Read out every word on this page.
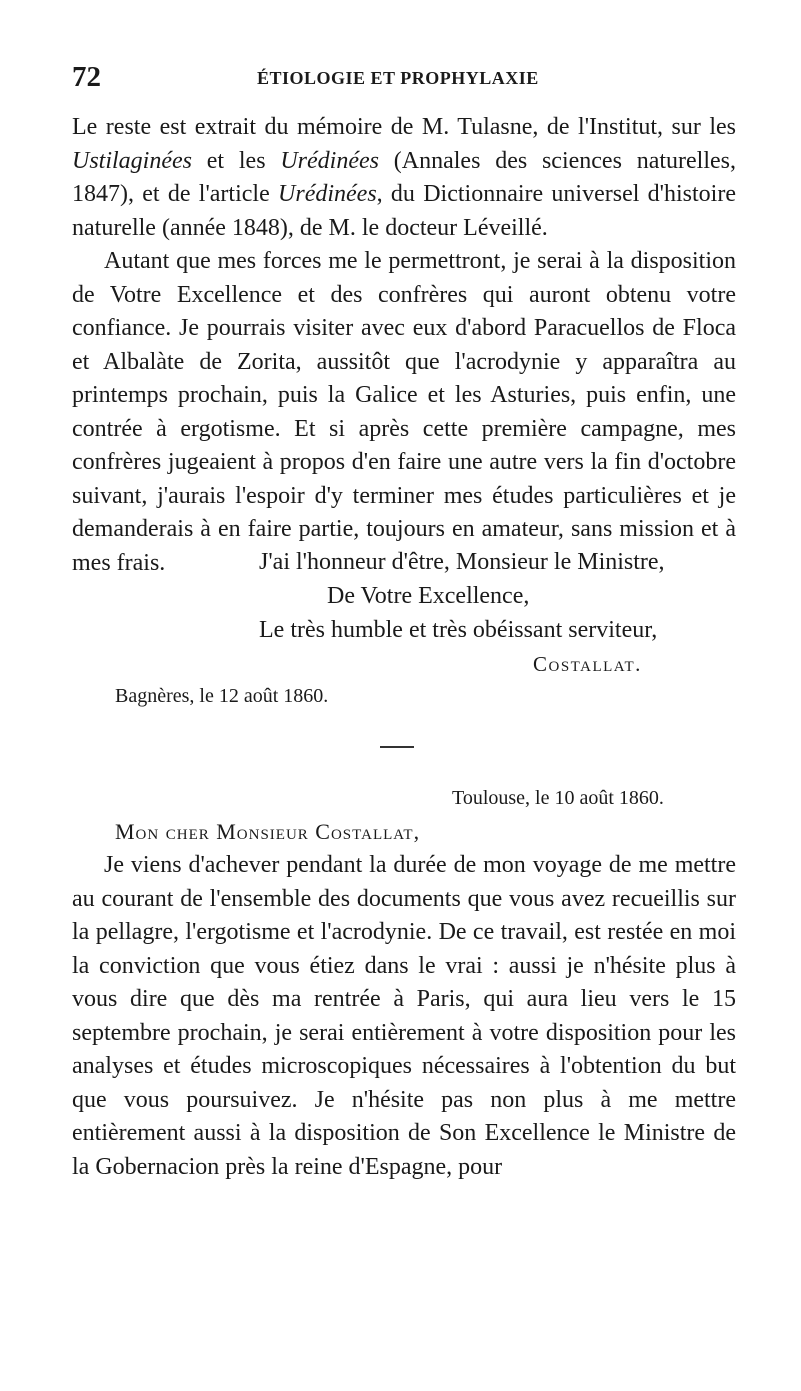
72	ÉTIOLOGIE ET PROPHYLAXIE

Le reste est extrait du mémoire de M. Tulasne, de l'Institut, sur les Ustilaginées et les Urédinées (Annales des sciences naturelles, 1847), et de l'article Urédinées, du Dictionnaire universel d'histoire naturelle (année 1848), de M. le docteur Léveillé.

Autant que mes forces me le permettront, je serai à la disposition de Votre Excellence et des confrères qui auront obtenu votre confiance. Je pourrais visiter avec eux d'abord Paracuellos de Floca et Albalàte de Zorita, aussitôt que l'acrodynie y apparaîtra au printemps prochain, puis la Galice et les Asturies, puis enfin, une contrée à ergotisme. Et si après cette première campagne, mes confrères jugeaient à propos d'en faire une autre vers la fin d'octobre suivant, j'aurais l'espoir d'y terminer mes études particulières et je demanderais à en faire partie, toujours en amateur, sans mission et à mes frais.	J'ai l'honneur d'être, Monsieur le Ministre,
De Votre Excellence,
Le très humble et très obéissant serviteur,
Costallat.
Bagnères, le 12 août 1860.
Toulouse, le 10 août 1860.
Mon cher Monsieur Costallat,

Je viens d'achever pendant la durée de mon voyage de me mettre au courant de l'ensemble des documents que vous avez recueillis sur la pellagre, l'ergotisme et l'acrodynie. De ce travail, est restée en moi la conviction que vous étiez dans le vrai : aussi je n'hésite plus à vous dire que dès ma rentrée à Paris, qui aura lieu vers le 15 septembre prochain, je serai entièrement à votre disposition pour les analyses et études microscopiques nécessaires à l'obtention du but que vous poursuivez. Je n'hésite pas non plus à me mettre entièrement aussi à la disposition de Son Excellence le Ministre de la Gobernacion près la reine d'Espagne, pour
